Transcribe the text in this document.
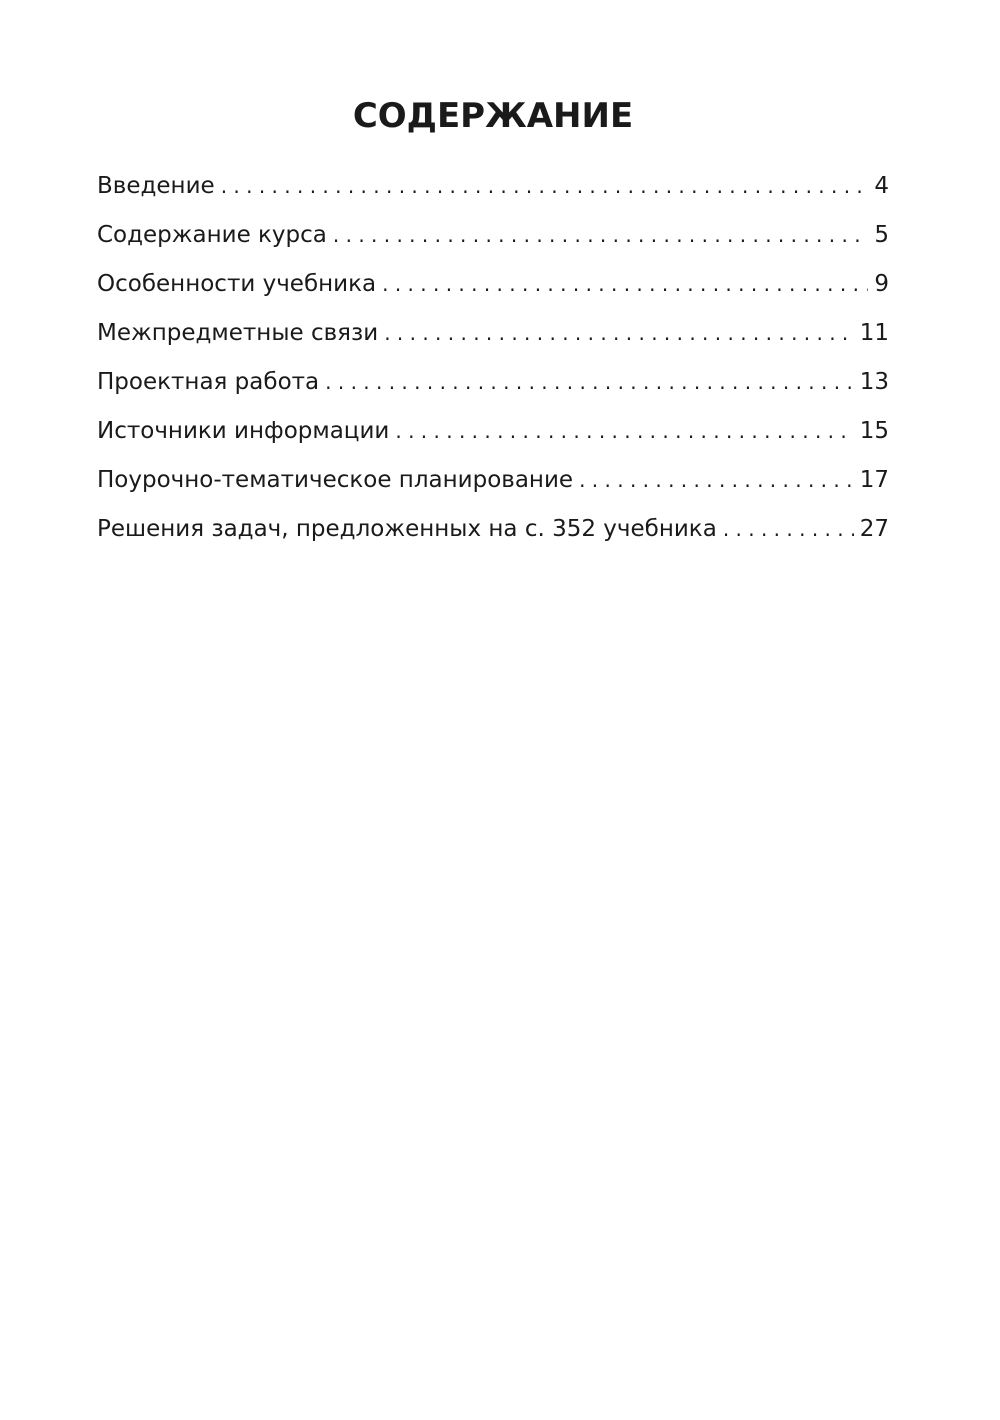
СОДЕРЖАНИЕ
Введение . . .	4
Содержание курса . . .	5
Особенности учебника . . .	9
Межпредметные связи . . .	11
Проектная работа . . .	13
Источники информации . . .	15
Поурочно-тематическое планирование . . .	17
Решения задач, предложенных на с. 352 учебника . . .	27
